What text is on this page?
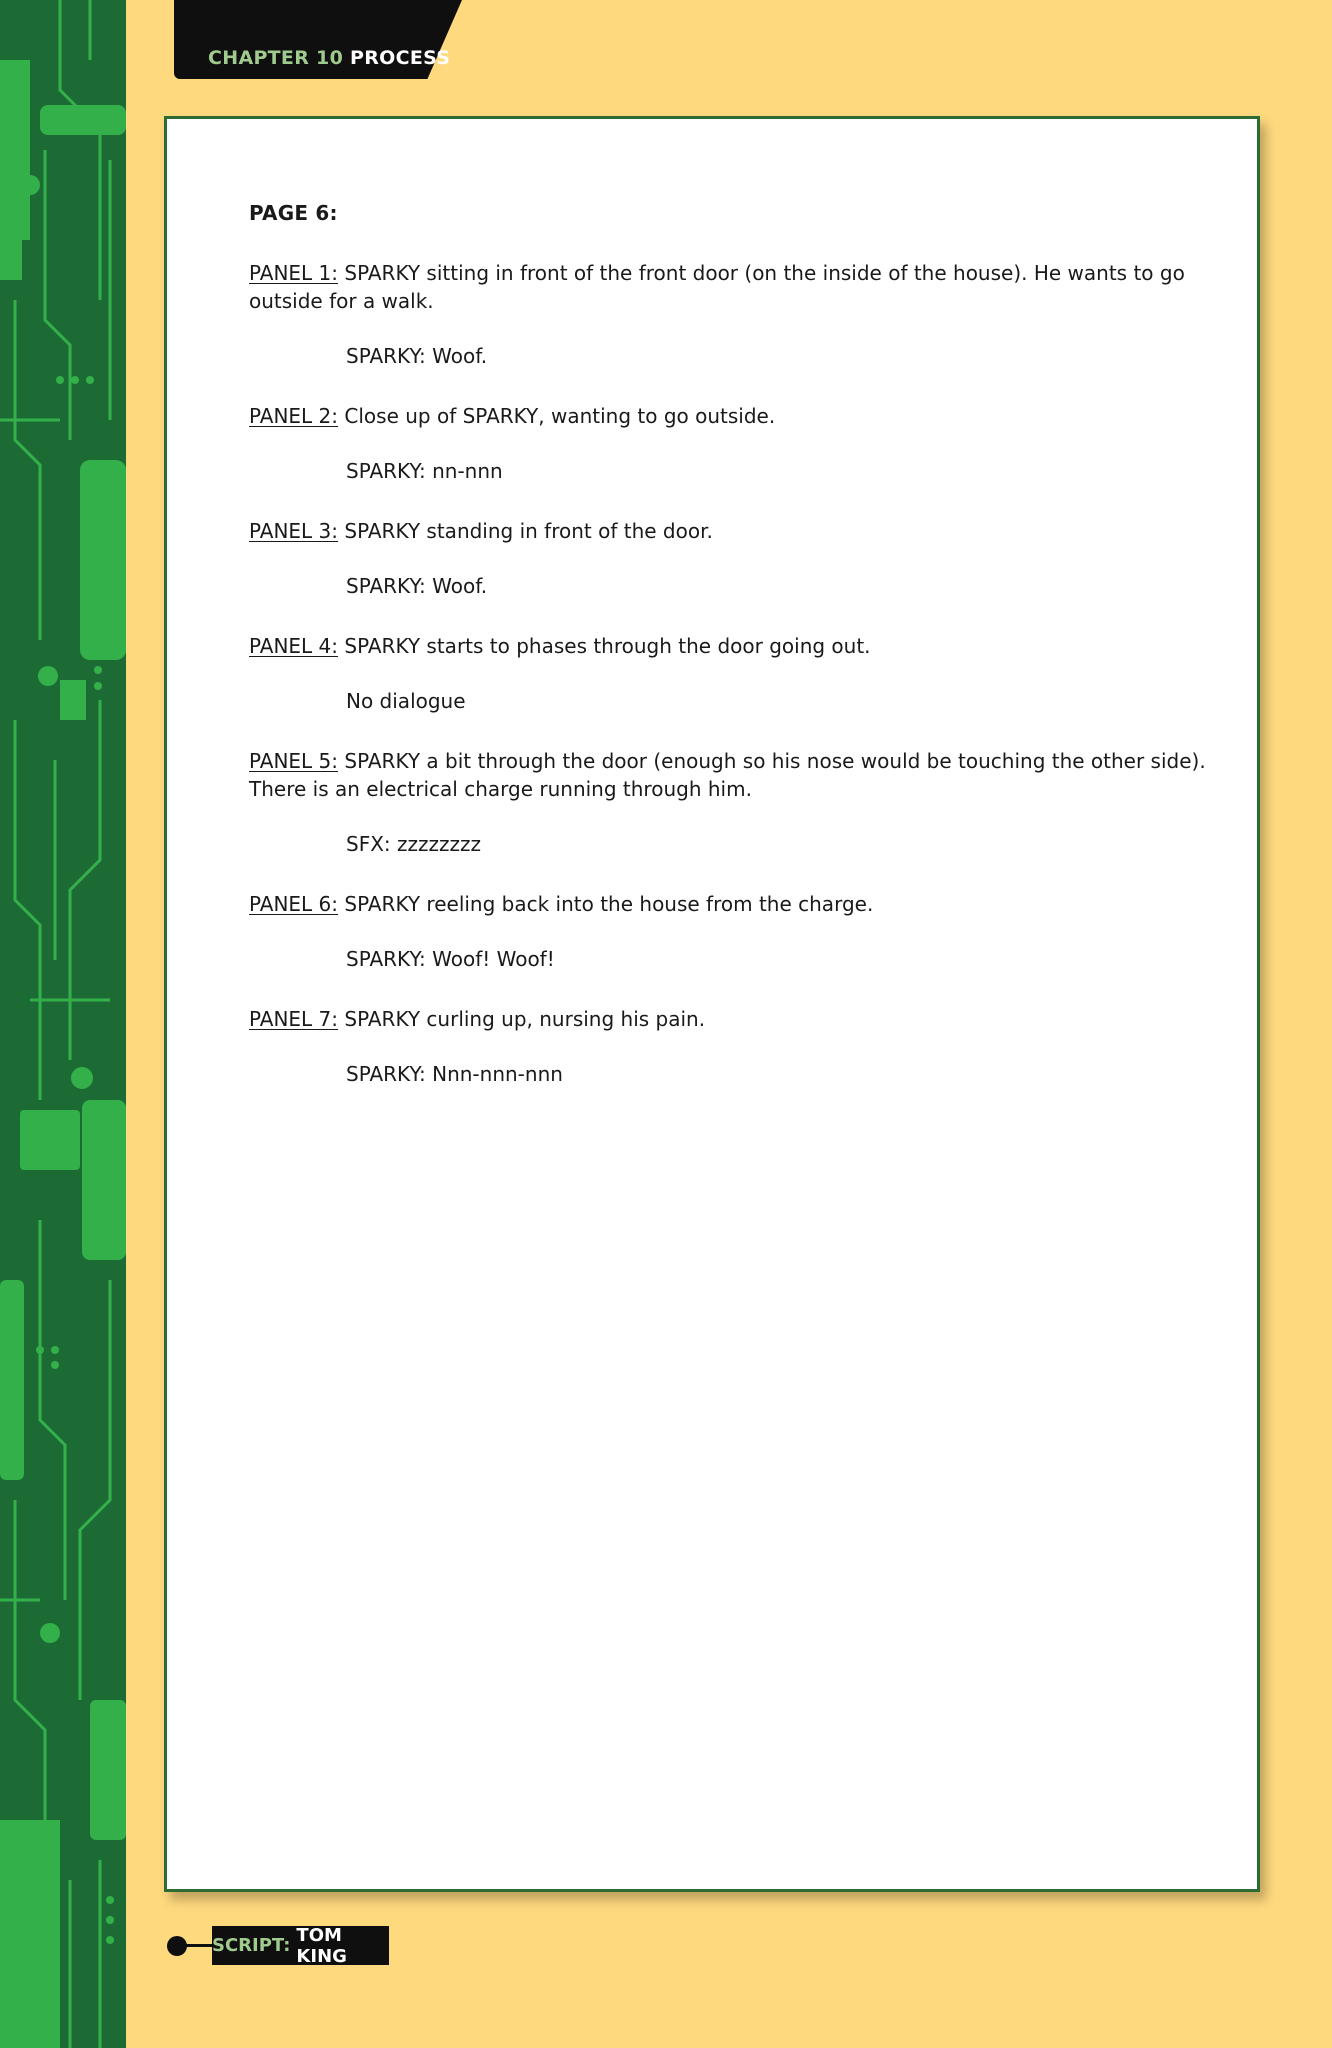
CHAPTER 10 PROCESS
PAGE 6:

PANEL 1: SPARKY sitting in front of the front door (on the inside of the house). He wants to go outside for a walk.

SPARKY: Woof.

PANEL 2: Close up of SPARKY, wanting to go outside.

SPARKY: nn-nnn

PANEL 3: SPARKY standing in front of the door.

SPARKY: Woof.

PANEL 4: SPARKY starts to phases through the door going out.

No dialogue

PANEL 5: SPARKY a bit through the door (enough so his nose would be touching the other side). There is an electrical charge running through him.

SFX: zzzzzzzz

PANEL 6: SPARKY reeling back into the house from the charge.

SPARKY: Woof! Woof!

PANEL 7: SPARKY curling up, nursing his pain.

SPARKY: Nnn-nnn-nnn
SCRIPT: TOM KING
